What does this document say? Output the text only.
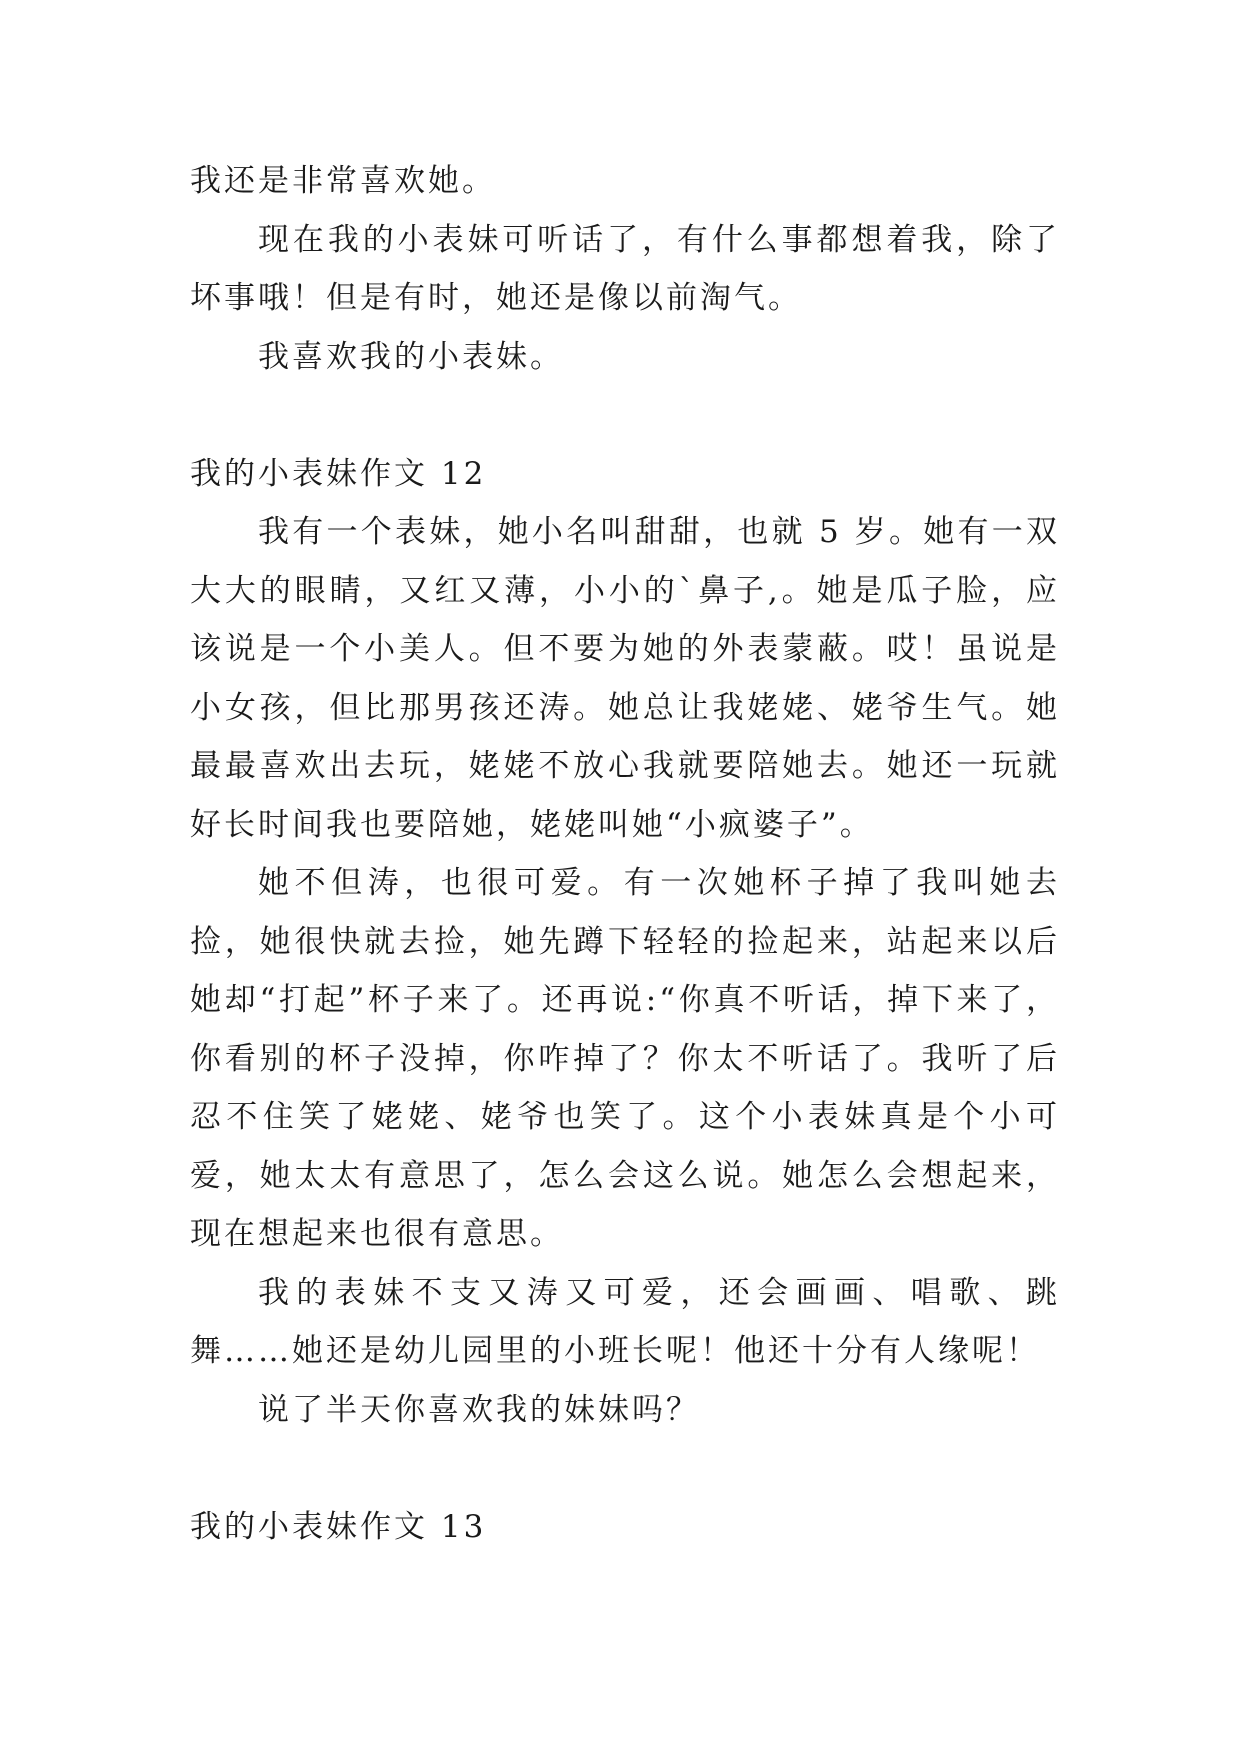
我还是非常喜欢她。

现在我的小表妹可听话了，有什么事都想着我，除了坏事哦！但是有时，她还是像以前淘气。

我喜欢我的小表妹。

我的小表妹作文 12

我有一个表妹，她小名叫甜甜，也就 5 岁。她有一双大大的眼睛，又红又薄，小小的`鼻子,。她是瓜子脸，应该说是一个小美人。但不要为她的外表蒙蔽。哎！虽说是小女孩，但比那男孩还涛。她总让我姥姥、姥爷生气。她最最喜欢出去玩，姥姥不放心我就要陪她去。她还一玩就好长时间我也要陪她，姥姥叫她“小疯婆子”。

她不但涛，也很可爱。有一次她杯子掉了我叫她去捡，她很快就去捡，她先蹲下轻轻的捡起来，站起来以后她却“打起”杯子来了。还再说:“你真不听话，掉下来了，你看别的杯子没掉，你咋掉了？你太不听话了。我听了后忍不住笑了姥姥、姥爷也笑了。这个小表妹真是个小可爱，她太太有意思了，怎么会这么说。她怎么会想起来，现在想起来也很有意思。

我的表妹不支又涛又可爱，还会画画、唱歌、跳舞……她还是幼儿园里的小班长呢！他还十分有人缘呢！

说了半天你喜欢我的妹妹吗？

我的小表妹作文 13
